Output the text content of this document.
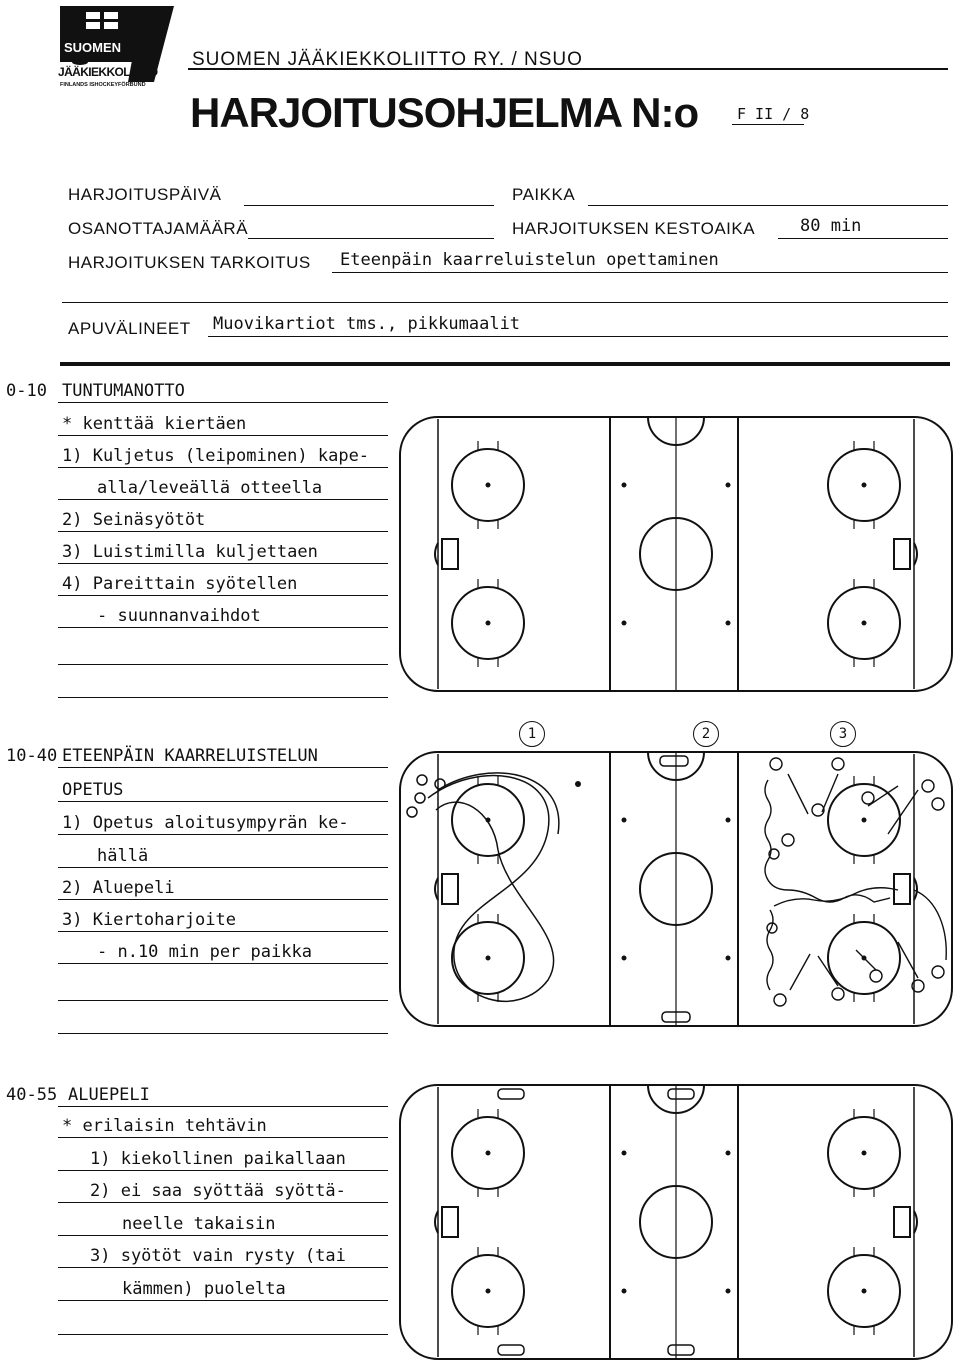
SUOMEN
JÄÄKIEKKOLIITTO
FINLANDS ISHOCKEYFÖRBUND
SUOMEN JÄÄKIEKKOLIITTO RY. / NSUO
HARJOITUSOHJELMA N:o	F II / 8
HARJOITUSPÄIVÄ	PAIKKA
OSANOTTAJAMÄÄRÄ	HARJOITUKSEN KESTOAIKA	80 min
HARJOITUKSEN TARKOITUS Eteenpäin kaarreluistelun opettaminen
APUVÄLINEET Muovikartiot tms., pikkumaalit
0-10 TUNTUMANOTTO
* kenttää kiertäen
1) Kuljetus (leipominen) kape-
alla/leveällä otteella
2) Seinäsyötöt
3) Luistimilla kuljettaen
4) Pareittain syötellen
- suunnanvaihdot
10-40 ETEENPÄIN KAARRELUISTELUN
OPETUS
1) Opetus aloitusympyrän ke-
hällä
2) Aluepeli
3) Kiertoharjoite
- n.10 min per paikka
1	2	3
40-55 ALUEPELI
* erilaisin tehtävin
1) kiekollinen paikallaan
2) ei saa syöttää syöttä-
neelle takaisin
3) syötöt vain rysty (tai
kämmen) puolelta
